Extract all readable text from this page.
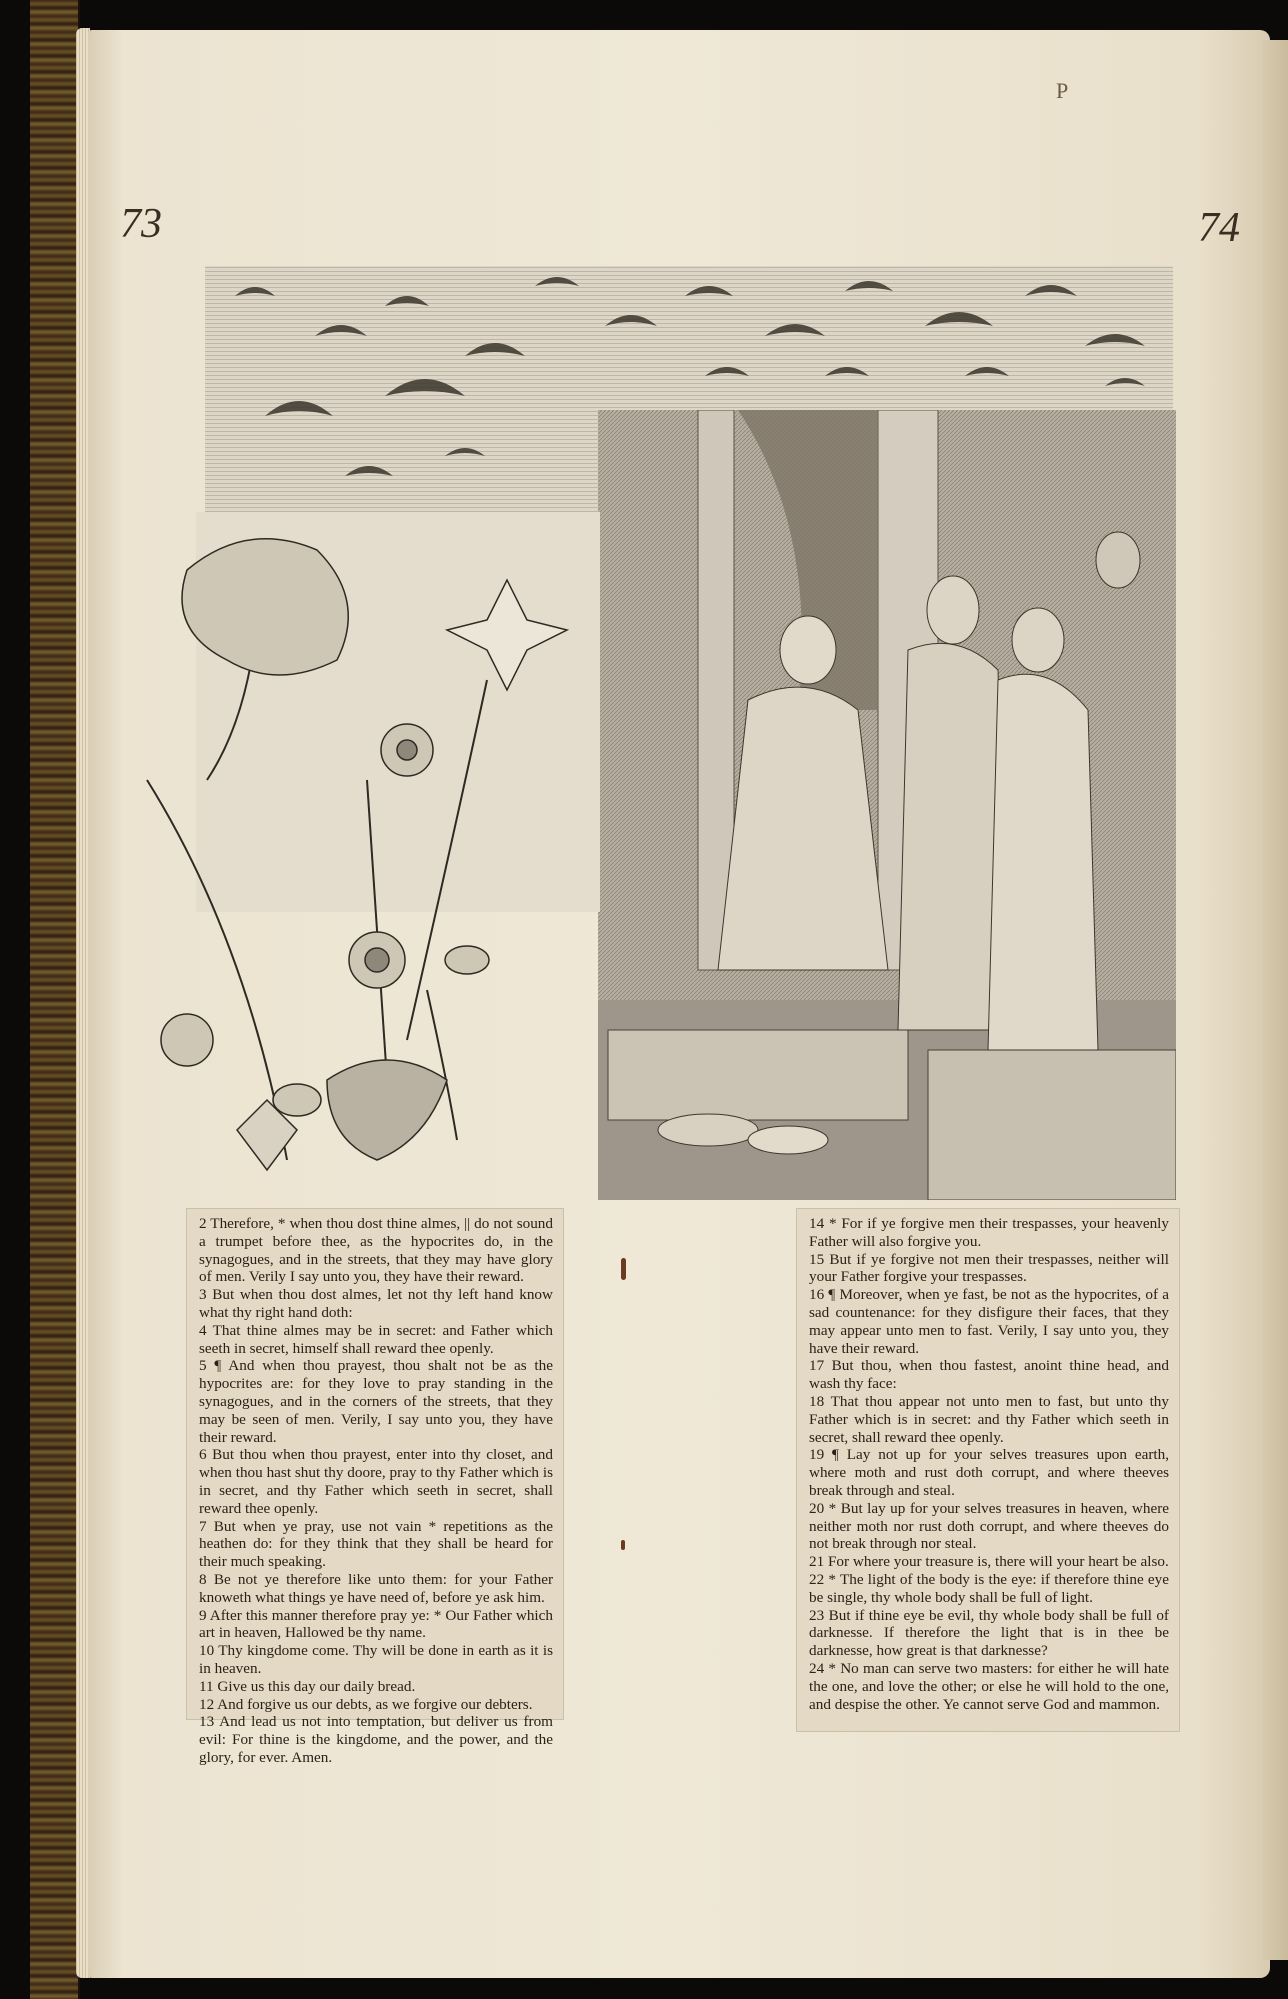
P
73	74

2 Therefore, * when thou dost thine almes, || do not sound a trumpet before thee, as the hypocrites do, in the synagogues, and in the streets, that they may have glory of men. Verily I say unto you, they have their reward.

3 But when thou dost almes, let not thy left hand know what thy right hand doth:

4 That thine almes may be in secret: and Father which seeth in secret, himself shall reward thee openly.

5 ¶ And when thou prayest, thou shalt not be as the hypocrites are: for they love to pray standing in the synagogues, and in the corners of the streets, that they may be seen of men. Verily, I say unto you, they have their reward.

6 But thou when thou prayest, enter into thy closet, and when thou hast shut thy doore, pray to thy Father which is in secret, and thy Father which seeth in secret, shall reward thee openly.

7 But when ye pray, use not vain * repetitions as the heathen do: for they think that they shall be heard for their much speaking.

8 Be not ye therefore like unto them: for your Father knoweth what things ye have need of, before ye ask him.

9 After this manner therefore pray ye: * Our Father which art in heaven, Hallowed be thy name.

10 Thy kingdome come. Thy will be done in earth as it is in heaven.

11 Give us this day our daily bread.

12 And forgive us our debts, as we forgive our debters.

13 And lead us not into temptation, but deliver us from evil: For thine is the kingdome, and the power, and the glory, for ever. Amen.

14 * For if ye forgive men their trespasses, your heavenly Father will also forgive you.

15 But if ye forgive not men their trespasses, neither will your Father forgive your trespasses.

16 ¶ Moreover, when ye fast, be not as the hypocrites, of a sad countenance: for they disfigure their faces, that they may appear unto men to fast. Verily, I say unto you, they have their reward.

17 But thou, when thou fastest, anoint thine head, and wash thy face:

18 That thou appear not unto men to fast, but unto thy Father which is in secret: and thy Father which seeth in secret, shall reward thee openly.

19 ¶ Lay not up for your selves treasures upon earth, where moth and rust doth corrupt, and where theeves break through and steal.

20 * But lay up for your selves treasures in heaven, where neither moth nor rust doth corrupt, and where theeves do not break through nor steal.

21 For where your treasure is, there will your heart be also.

22 * The light of the body is the eye: if therefore thine eye be single, thy whole body shall be full of light.

23 But if thine eye be evil, thy whole body shall be full of darknesse. If therefore the light that is in thee be darknesse, how great is that darknesse?

24 * No man can serve two masters: for either he will hate the one, and love the other; or else he will hold to the one, and despise the other. Ye cannot serve God and mammon.
